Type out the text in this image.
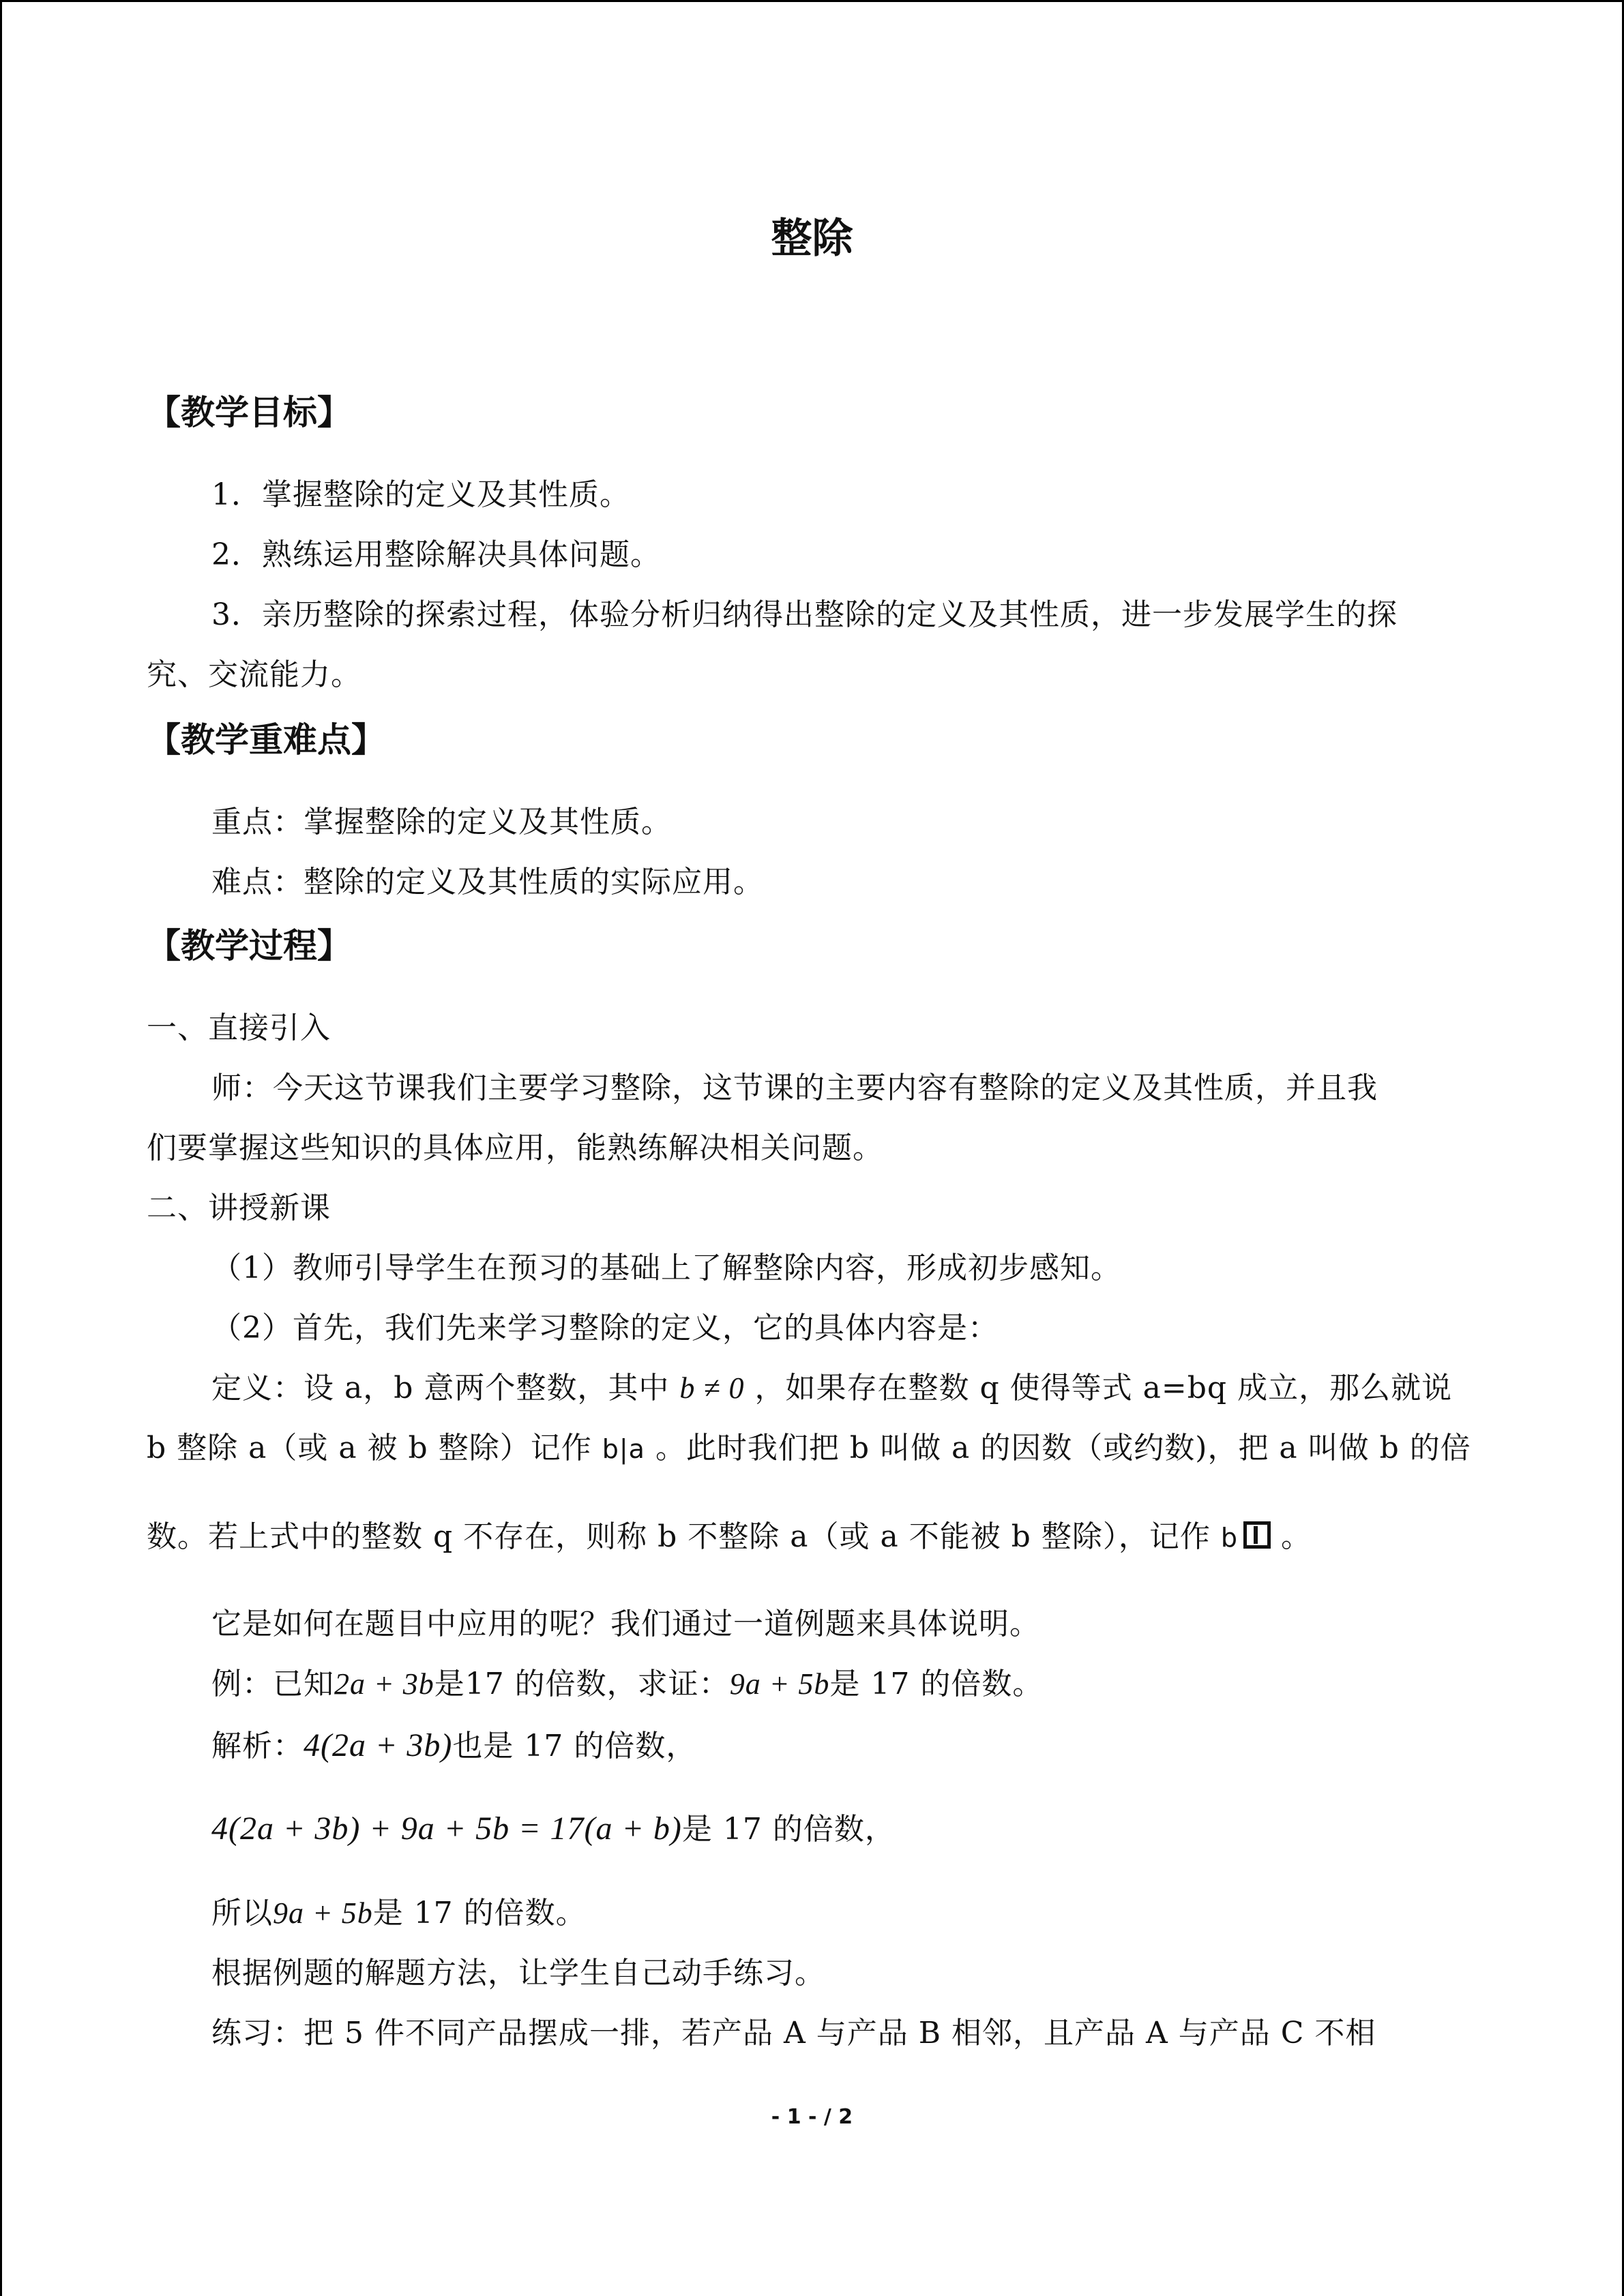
整除
【教学目标】
1．掌握整除的定义及其性质。
2．熟练运用整除解决具体问题。
3．亲历整除的探索过程，体验分析归纳得出整除的定义及其性质，进一步发展学生的探
究、交流能力。
【教学重难点】
重点：掌握整除的定义及其性质。
难点：整除的定义及其性质的实际应用。
【教学过程】
一、直接引入
师：今天这节课我们主要学习整除，这节课的主要内容有整除的定义及其性质，并且我
们要掌握这些知识的具体应用，能熟练解决相关问题。
二、讲授新课
（1）教师引导学生在预习的基础上了解整除内容，形成初步感知。
（2）首先，我们先来学习整除的定义，它的具体内容是：
定义：设 a，b 意两个整数，其中 b ≠ 0 ，如果存在整数 q 使得等式 a=bq 成立，那么就说
b 整除 a（或 a 被 b 整除）记作 b|a 。此时我们把 b 叫做 a 的因数（或约数)，把 a 叫做 b 的倍
数。若上式中的整数 q 不存在，则称 b 不整除 a（或 a 不能被 b 整除），记作 b 。
它是如何在题目中应用的呢？我们通过一道例题来具体说明。
例：已知2a + 3b是17 的倍数，求证：9a + 5b是 17 的倍数。
解析：4(2a + 3b)也是 17 的倍数，
4(2a + 3b) + 9a + 5b = 17(a + b)是 17 的倍数，
所以9a + 5b是 17 的倍数。
根据例题的解题方法，让学生自己动手练习。
练习：把 5 件不同产品摆成一排，若产品 A 与产品 B 相邻，且产品 A 与产品 C 不相
- 1 - / 2
